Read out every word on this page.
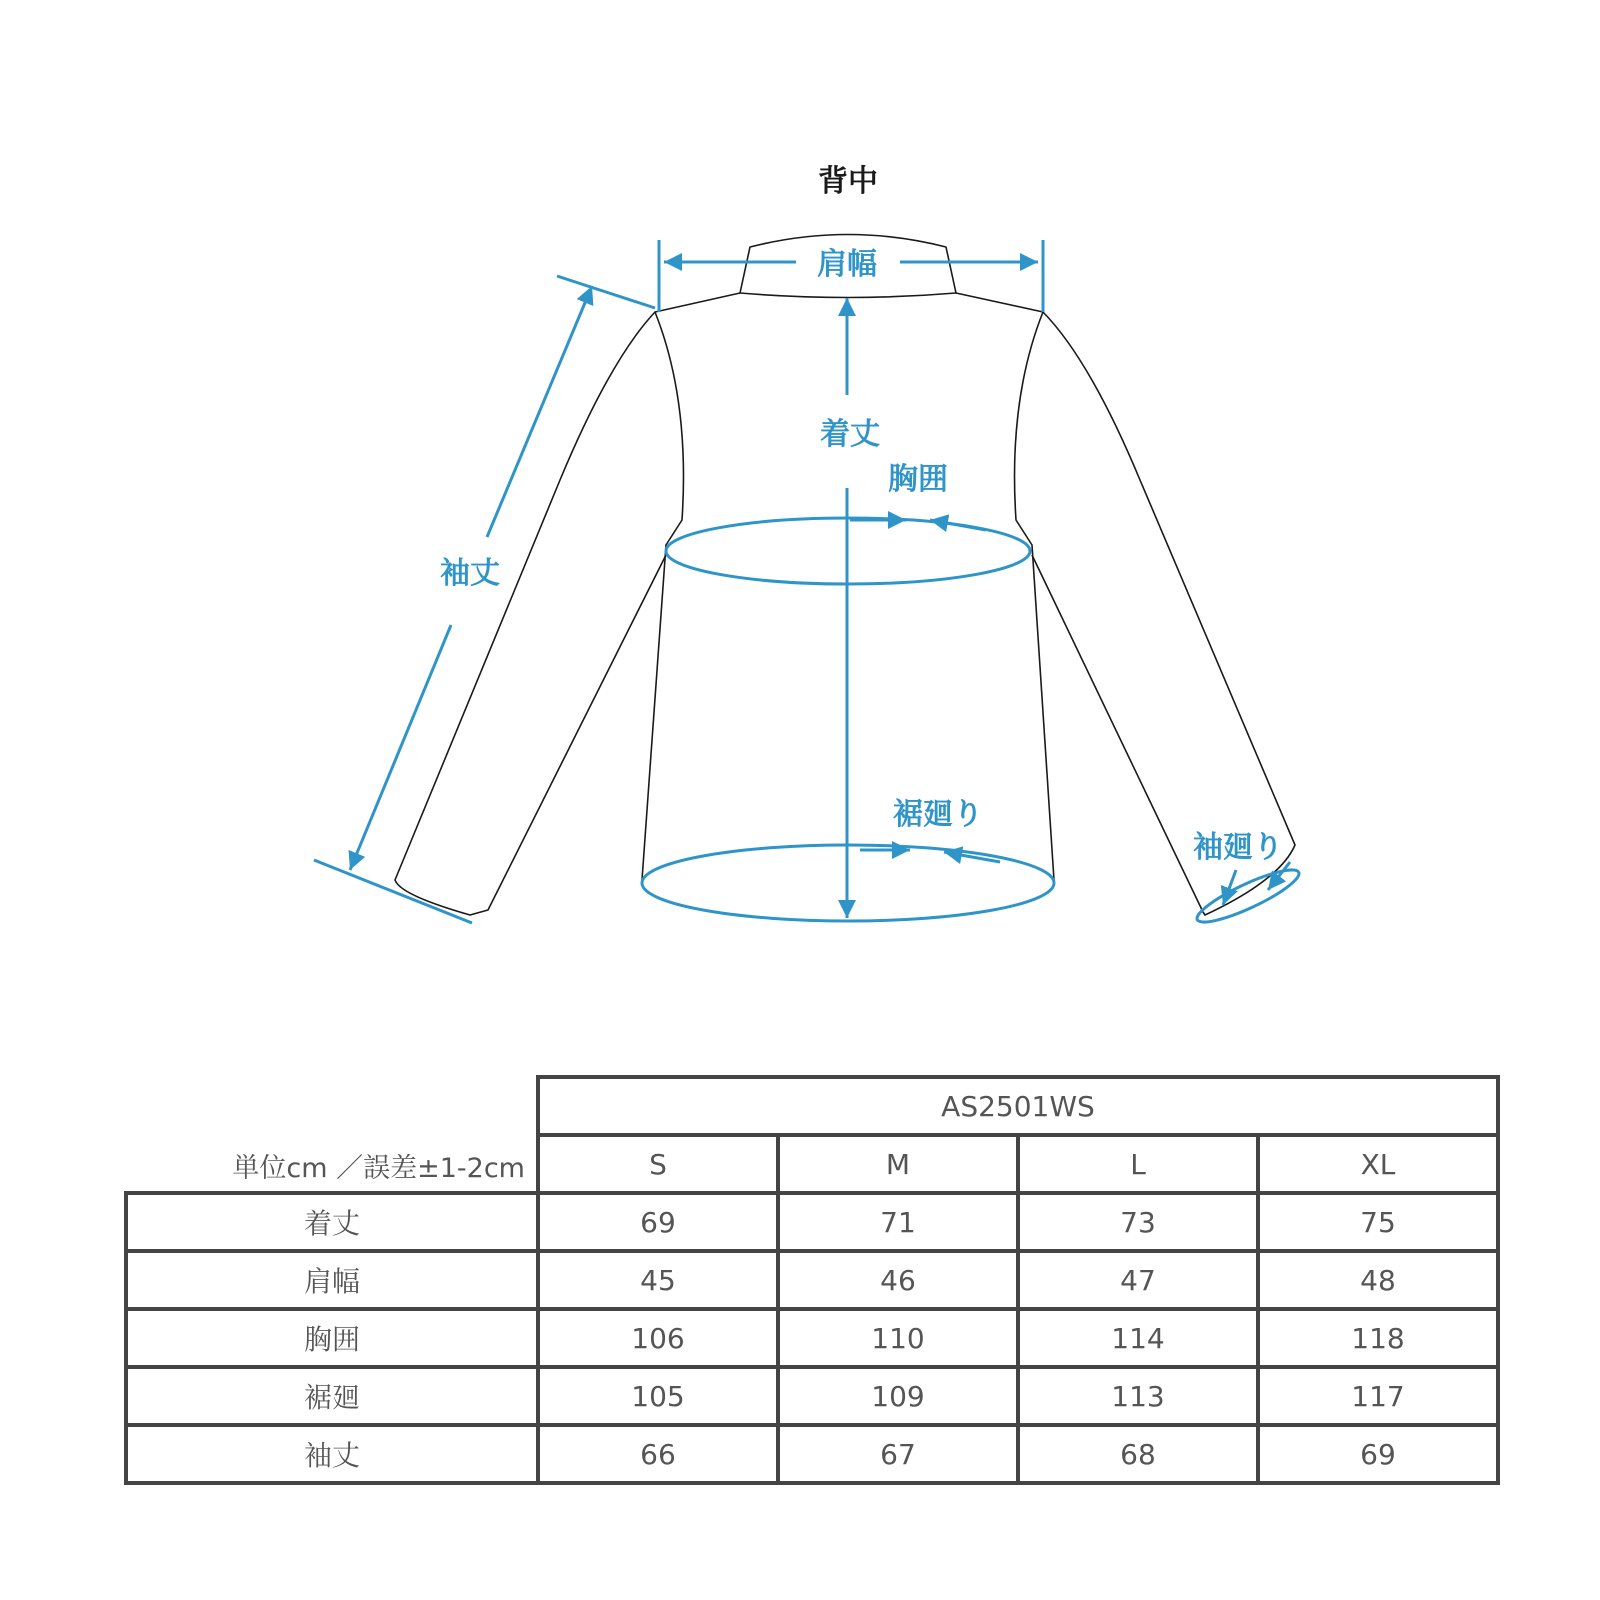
背中
肩幅
着丈
胸囲
袖丈
裾廻り
袖廻り
単位cm ／誤差±1-2cm
	AS2501WS			
	S	M	L	XL
着丈	69	71	73	75
肩幅	45	46	47	48
胸囲	106	110	114	118
裾廻	105	109	113	117
袖丈	66	67	68	69
